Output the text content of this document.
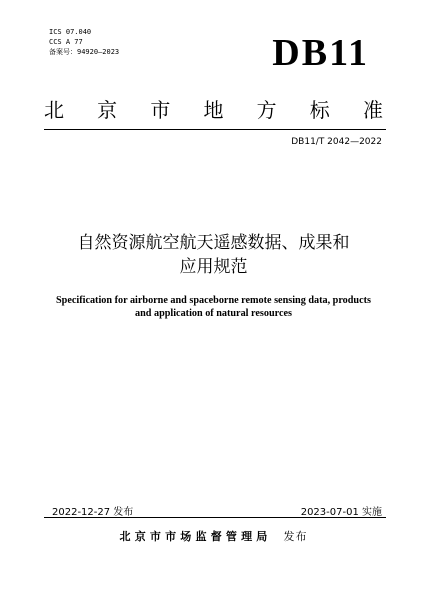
ICS 07.040
CCS A 77
备案号：94920—2023	DB11
北 京 市 地 方 标 准
DB11/T 2042—2022
自然资源航空航天遥感数据、成果和
应用规范
Specification for airborne and spaceborne remote sensing data, products
and application of natural resources
2022-12-27 发布	2023-07-01 实施
北京市市场监督管理局 发布
